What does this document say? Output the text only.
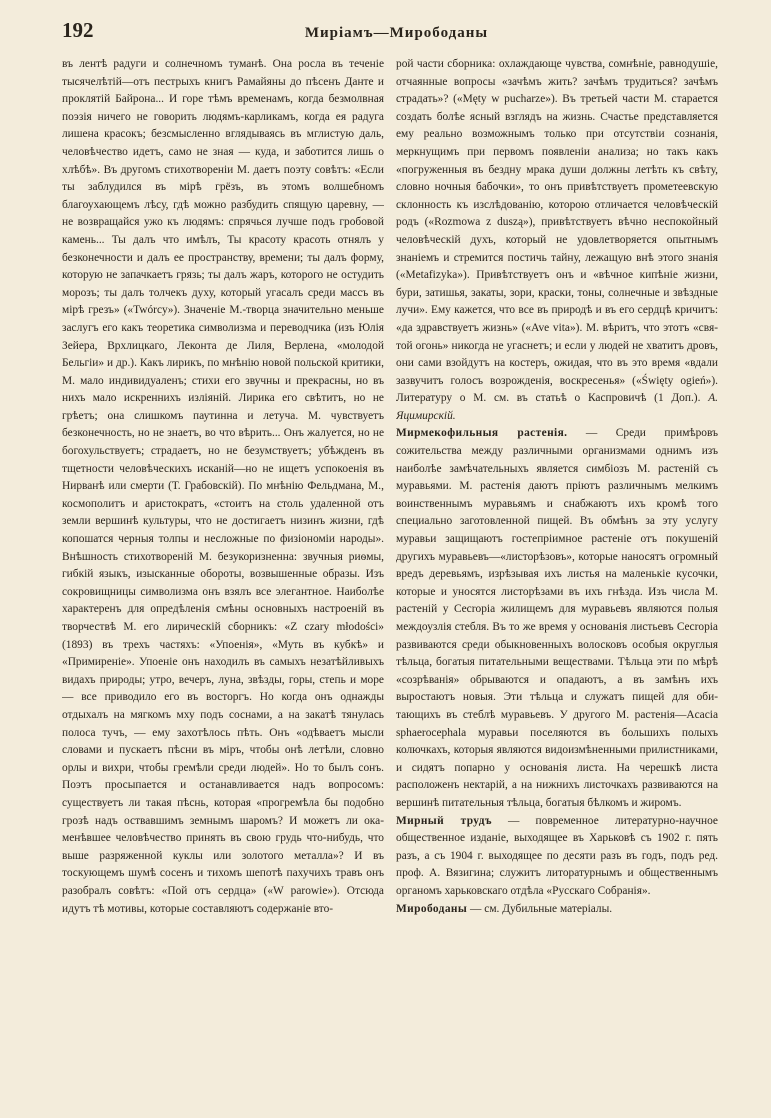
192	Мирiамъ—Мирободаны

въ лентѣ радуги и солнечномъ туманѣ. Она росла въ теченіе тысячелѣтій—отъ пестрыхъ книгъ Рамайяны до пѣсенъ Данте и проклятій Байрона... И горе тѣмъ временамъ, когда безмолвная поэзія ничего не говорить людямъ-карликамъ, когда ея радуга лишена красокъ; безсмысленно вглядываясь въ мглистую даль, человѣчество идетъ, само не зная — куда, и заботится лишь о хлѣбѣ». Въ другомъ стихотвореніи М. даетъ поэту совѣтъ: «Если ты заблудился въ мірѣ грёзъ, въ этомъ волшебномъ благоухающемъ лѣсу, гдѣ можно разбудить спящую царевну, — не возвращайся ужо къ людямъ: спрячься лучше подъ гробовой камень... Ты далъ что имѣлъ, Ты красоту красоть отнялъ у безконечности и далъ ее пространству, времени; ты далъ форму, которую не запачкаетъ грязь; ты далъ жаръ, которого не остудить морозъ; ты далъ толчекъ духу, который угасалъ среди массъ въ мірѣ грезъ» («Twórcy»). Значеніе М.-творца значительно меньше заслугъ его какъ теоретика символизма и переводчика (изъ Юлія Зейера, Врхлицкаго, Леконта де Лиля, Верлена, «молодой Бельгіи» и др.). Какъ лирикъ, по мнѣнію новой польской критики, М. мало индивидуаленъ; стихи его звучны и прекрасны, но въ нихъ мало искреннихъ изліяній. Лирика его свѣтитъ, но не грѣетъ; она слишкомъ паутинна и летуча. М. чувствуетъ безконечность, но не знаетъ, во что вѣрить... Онъ жалуется, но не богохульствуетъ; страдаетъ, но не безумствуетъ; убѣжденъ въ тщетности человѣческихъ исканій—но не ищетъ успокоенія въ Нирванѣ или смерти (Т. Грабовскій). По мнѣнію Фельдмана, М., космополитъ и аристократъ, «стоитъ на столь удаленной отъ земли вершинѣ культуры, что не достигаетъ низинъ жизни, гдѣ копошатся черныя толпы и несложные по физіономіи народы». Внѣшность стихотвореній М. безукоризненна: звучныя риѳмы, гибкій языкъ, изысканные обороты, возвышенные образы. Изъ сокровищницы символизма онъ взялъ все элегантное. Наиболѣе характеренъ для опредѣленія смѣны основныхъ настроеній въ творчествѣ М. его лирическій сборникъ: «Z czary młodości» (1893) въ трехъ частяхъ: «Упоенія», «Муть въ кубкѣ» и «Примиреніе». Упоеніе онъ находилъ въ самыхъ незатѣйливыхъ видахъ природы; утро, вечеръ, луна, звѣзды, горы, степь и море — все приводило его въ восторгъ. Но когда онъ однажды отдыхалъ на мягкомъ мху подъ соснами, а на закатѣ тянулась полоса тучъ, — ему захотѣлось пѣть. Онъ «одѣваетъ мысли словами и пускаетъ пѣсни въ міръ, чтобы онѣ летѣли, словно орлы и вихри, чтобы гремѣли среди людей». Но то былъ сонъ. Поэтъ просыпается и останавливается надъ вопросомъ: существуетъ ли такая пѣснь, которая «прогремѣла бы подобно грозѣ надъ оствавшимъ земнымъ шаромъ? И можетъ ли окаменѣвшее человѣчество принять въ свою грудь что-нибудь, что выше разряженной куклы или золотого металла»? И въ тоскующемъ шумѣ сосенъ и тихомъ шепотѣ пахучихъ травъ онъ разобралъ совѣтъ: «Пой отъ сердца» («W parowie»). Отсюда идутъ тѣ мотивы, которые составляютъ содержаніе вто-

рой части сборника: охлаждающе чувства, сомнѣніе, равнодушіе, отчаянные вопросы «зачѣмъ жить? зачѣмъ трудиться? зачѣмъ страдать»? («Męty w pucharze»). Въ третьей части М. старается создать болѣе ясный взглядъ на жизнь. Счастье представляется ему реально возможнымъ только при отсутствіи сознанія, меркнущимъ при первомъ появленіи анализа; но такъ какъ «погруженныя въ бездну мрака души должны летѣть къ свѣту, словно ночныя бабочки», то онъ привѣтствуетъ прометеевскую склонность къ изслѣдованію, которою отличается человѣческій родъ («Rozmowa z duszą»), привѣтствуетъ вѣчно неспокойный человѣческій духъ, который не удовлетворяется опытнымъ знаніемъ и стремится постичь тайну, лежащую внѣ этого знанія («Metafizyka»). Привѣтствуетъ онъ и «вѣчное кипѣніе жизни, бури, затишья, закаты, зори, краски, тоны, солнечные и звѣздные лучи». Ему кажется, что все въ природѣ и въ его сердцѣ кричитъ: «да здравствуетъ жизнь» («Ave vita»). М. вѣритъ, что этотъ «святой огонь» никогда не угаснетъ; и если у людей не хватитъ дровъ, они сами взойдутъ на костеръ, ожидая, что въ это время «вдали зазвучитъ голосъ возрожденія, воскресенья» («Święty ogień»). Литературу о М. см. въ статьѣ о Каспровичѣ (1 Доп.). А. Яцимирскій.

Мирмекофильныя растенія. — Среди примѣровъ сожительства между различными организмами однимъ изъ наиболѣе замѣчательныхъ является симбіозъ М. растеній съ муравьями. М. растенія даютъ пріютъ различнымъ мелкимъ воинственнымъ муравьямъ и снабжаютъ ихъ кромѣ того специально заготовленной пищей. Въ обмѣнъ за эту услугу муравьи защищаютъ гостепріимное растеніе отъ покушеній другихъ муравьевъ—«листорѣзовъ», которые наносятъ огромный вредъ деревьямъ, изрѣзывая ихъ листья на маленькіе кусочки, которые и уносятся листорѣзами въ ихъ гнѣзда. Изъ числа М. растеній у Cecropia жилищемъ для муравьевъ являются полыя междоузлія стебля. Въ то же время у основанія листьевъ Cecropia развиваются среди обыкновенныхъ волосковъ особыя округлыя тѣльца, богатыя питательными веществами. Тѣльца эти по мѣрѣ «созрѣванія» обрываются и опадаютъ, а въ замѣнъ ихъ выростаютъ новыя. Эти тѣльца и служатъ пищей для обитающихъ въ стеблѣ муравьевъ. У другого М. растенія—Acacia sphaerocephala муравьи поселяются въ большихъ полыхъ колючкахъ, которыя являются видоизмѣненными прилистниками, и сидятъ попарно у основанія листа. На черешкѣ листа расположенъ нектарій, а на нижнихъ листочкахъ развиваются на вершинѣ питательныя тѣльца, богатыя бѣлкомъ и жиромъ.

Мирный трудъ — повременное литературно-научное общественное изданіе, выходящее въ Харьковѣ съ 1902 г. пять разъ, а съ 1904 г. выходящее по десяти разъ въ годъ, подъ ред. проф. А. Вязигина; служитъ литоратурнымъ и общественнымъ органомъ харьковскаго отдѣла «Русскаго Собранія».

Мирободаны — см. Дубильные матеріалы.
